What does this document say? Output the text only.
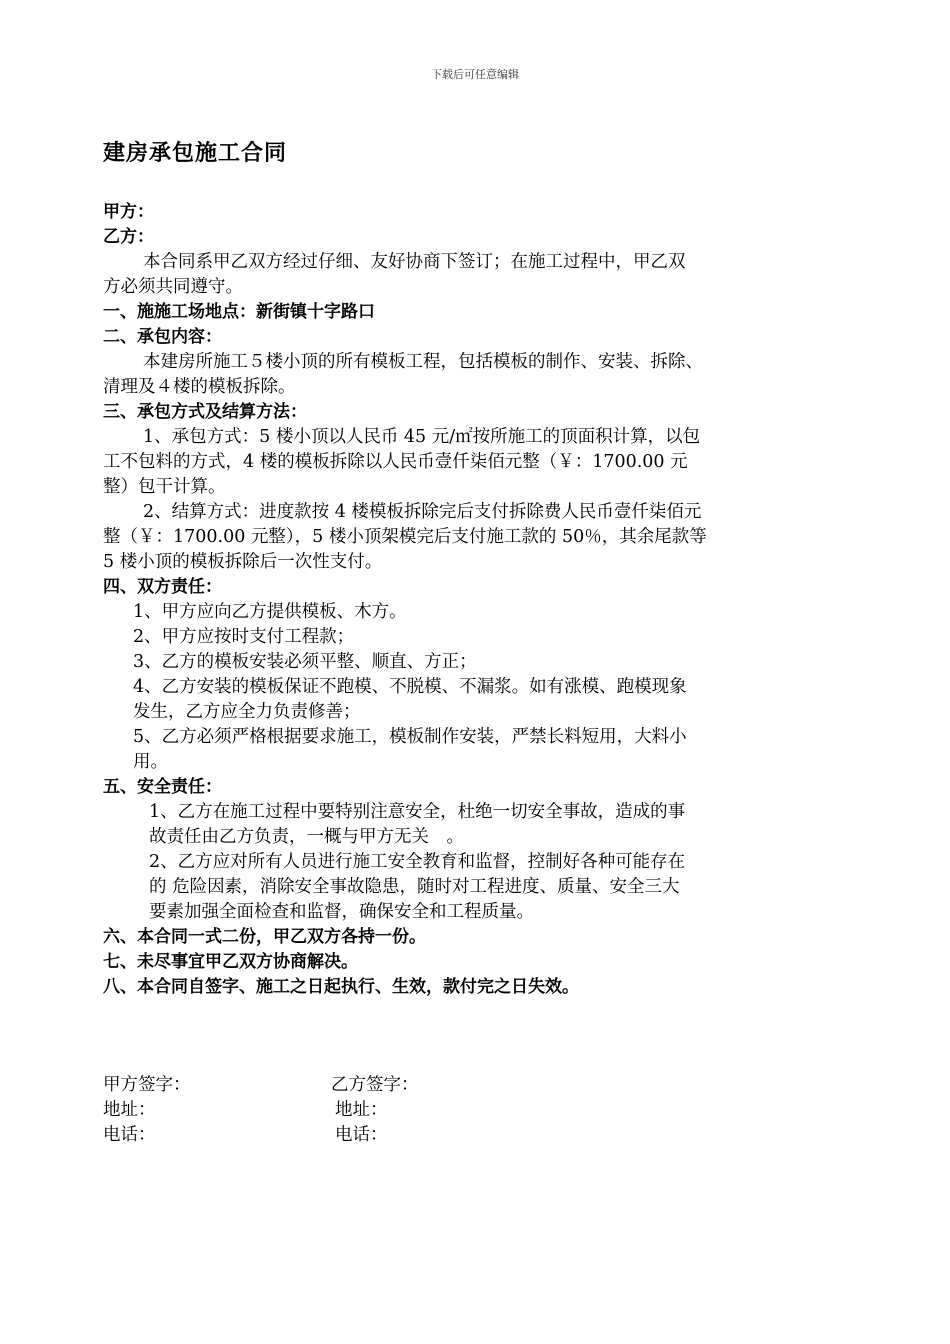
下载后可任意编辑
建房承包施工合同
甲方：
乙方：
本合同系甲乙双方经过仔细、友好协商下签订；在施工过程中，甲乙双
方必须共同遵守。
一、施施工场地点：新街镇十字路口
二、承包内容：
本建房所施工５楼小顶的所有模板工程，包括模板的制作、安装、拆除、
清理及４楼的模板拆除。
三、承包方式及结算方法：
1、承包方式：5 楼小顶以人民币 45 元/㎡按所施工的顶面积计算，以包
工不包料的方式，4 楼的模板拆除以人民币壹仟柒佰元整（￥：1700.00 元
整）包干计算。
2、结算方式：进度款按 4 楼模板拆除完后支付拆除费人民币壹仟柒佰元
整（￥：1700.00 元整），5 楼小顶架模完后支付施工款的 50％，其余尾款等
5 楼小顶的模板拆除后一次性支付。
四、双方责任：
1、甲方应向乙方提供模板、木方。
2、甲方应按时支付工程款；
3、乙方的模板安装必须平整、顺直、方正；
4、乙方安装的模板保证不跑模、不脱模、不漏浆。如有涨模、跑模现象
发生，乙方应全力负责修善；
5、乙方必须严格根据要求施工，模板制作安装，严禁长料短用，大料小
用。
五、安全责任：
1、乙方在施工过程中要特别注意安全，杜绝一切安全事故，造成的事
故责任由乙方负责，一概与甲方无关　。
2、乙方应对所有人员进行施工安全教育和监督，控制好各种可能存在
的 危险因素，消除安全事故隐患，随时对工程进度、质量、安全三大
要素加强全面检查和监督，确保安全和工程质量。
六、本合同一式二份，甲乙双方各持一份。
七、未尽事宜甲乙双方协商解决。
八、本合同自签字、施工之日起执行、生效，款付完之日失效。
甲方签字：	乙方签字：
地址：	地址：
电话：	电话：
